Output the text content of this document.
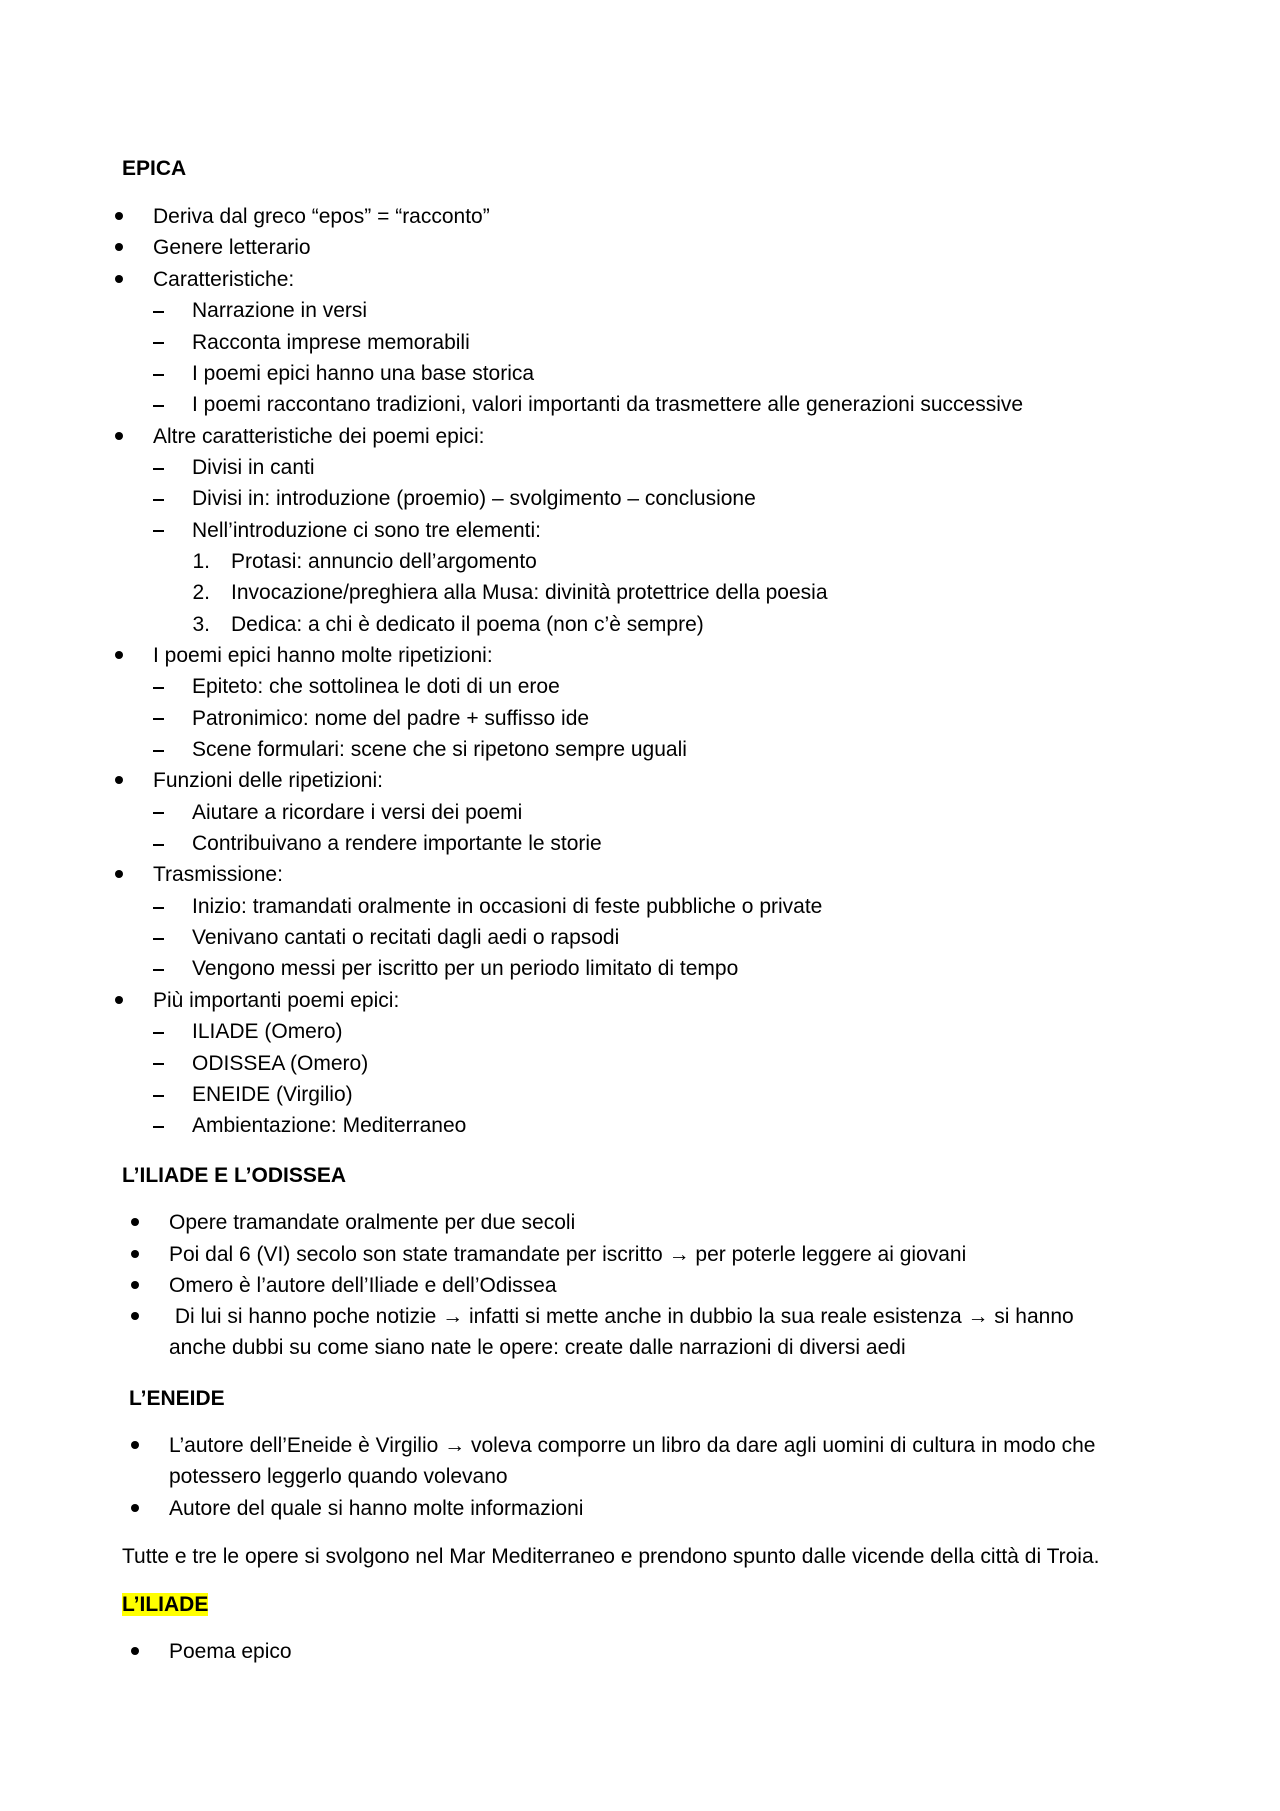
EPICA
Deriva dal greco “epos” = “racconto”
Genere letterario
Caratteristiche:
Narrazione in versi
Racconta imprese memorabili
I poemi epici hanno una base storica
I poemi raccontano tradizioni, valori importanti da trasmettere alle generazioni successive
Altre caratteristiche dei poemi epici:
Divisi in canti
Divisi in: introduzione (proemio) – svolgimento – conclusione
Nell’introduzione ci sono tre elementi:
1. Protasi: annuncio dell’argomento
2. Invocazione/preghiera alla Musa: divinità protettrice della poesia
3. Dedica: a chi è dedicato il poema (non c’è sempre)
I poemi epici hanno molte ripetizioni:
Epiteto: che sottolinea le doti di un eroe
Patronimico: nome del padre + suffisso ide
Scene formulari: scene che si ripetono sempre uguali
Funzioni delle ripetizioni:
Aiutare a ricordare i versi dei poemi
Contribuivano a rendere importante le storie
Trasmissione:
Inizio: tramandati oralmente in occasioni di feste pubbliche o private
Venivano cantati o recitati dagli aedi o rapsodi
Vengono messi per iscritto per un periodo limitato di tempo
Più importanti poemi epici:
ILIADE (Omero)
ODISSEA (Omero)
ENEIDE (Virgilio)
Ambientazione: Mediterraneo
L’ILIADE E L’ODISSEA
Opere tramandate oralmente per due secoli
Poi dal 6 (VI) secolo son state tramandate per iscritto → per poterle leggere ai giovani
Omero è l’autore dell’Iliade e dell’Odissea
Di lui si hanno poche notizie → infatti si mette anche in dubbio la sua reale esistenza → si hanno anche dubbi su come siano nate le opere: create dalle narrazioni di diversi aedi
L’ENEIDE
L’autore dell’Eneide è Virgilio → voleva comporre un libro da dare agli uomini di cultura in modo che potessero leggerlo quando volevano
Autore del quale si hanno molte informazioni
Tutte e tre le opere si svolgono nel Mar Mediterraneo e prendono spunto dalle vicende della città di Troia.
L’ILIADE
Poema epico
